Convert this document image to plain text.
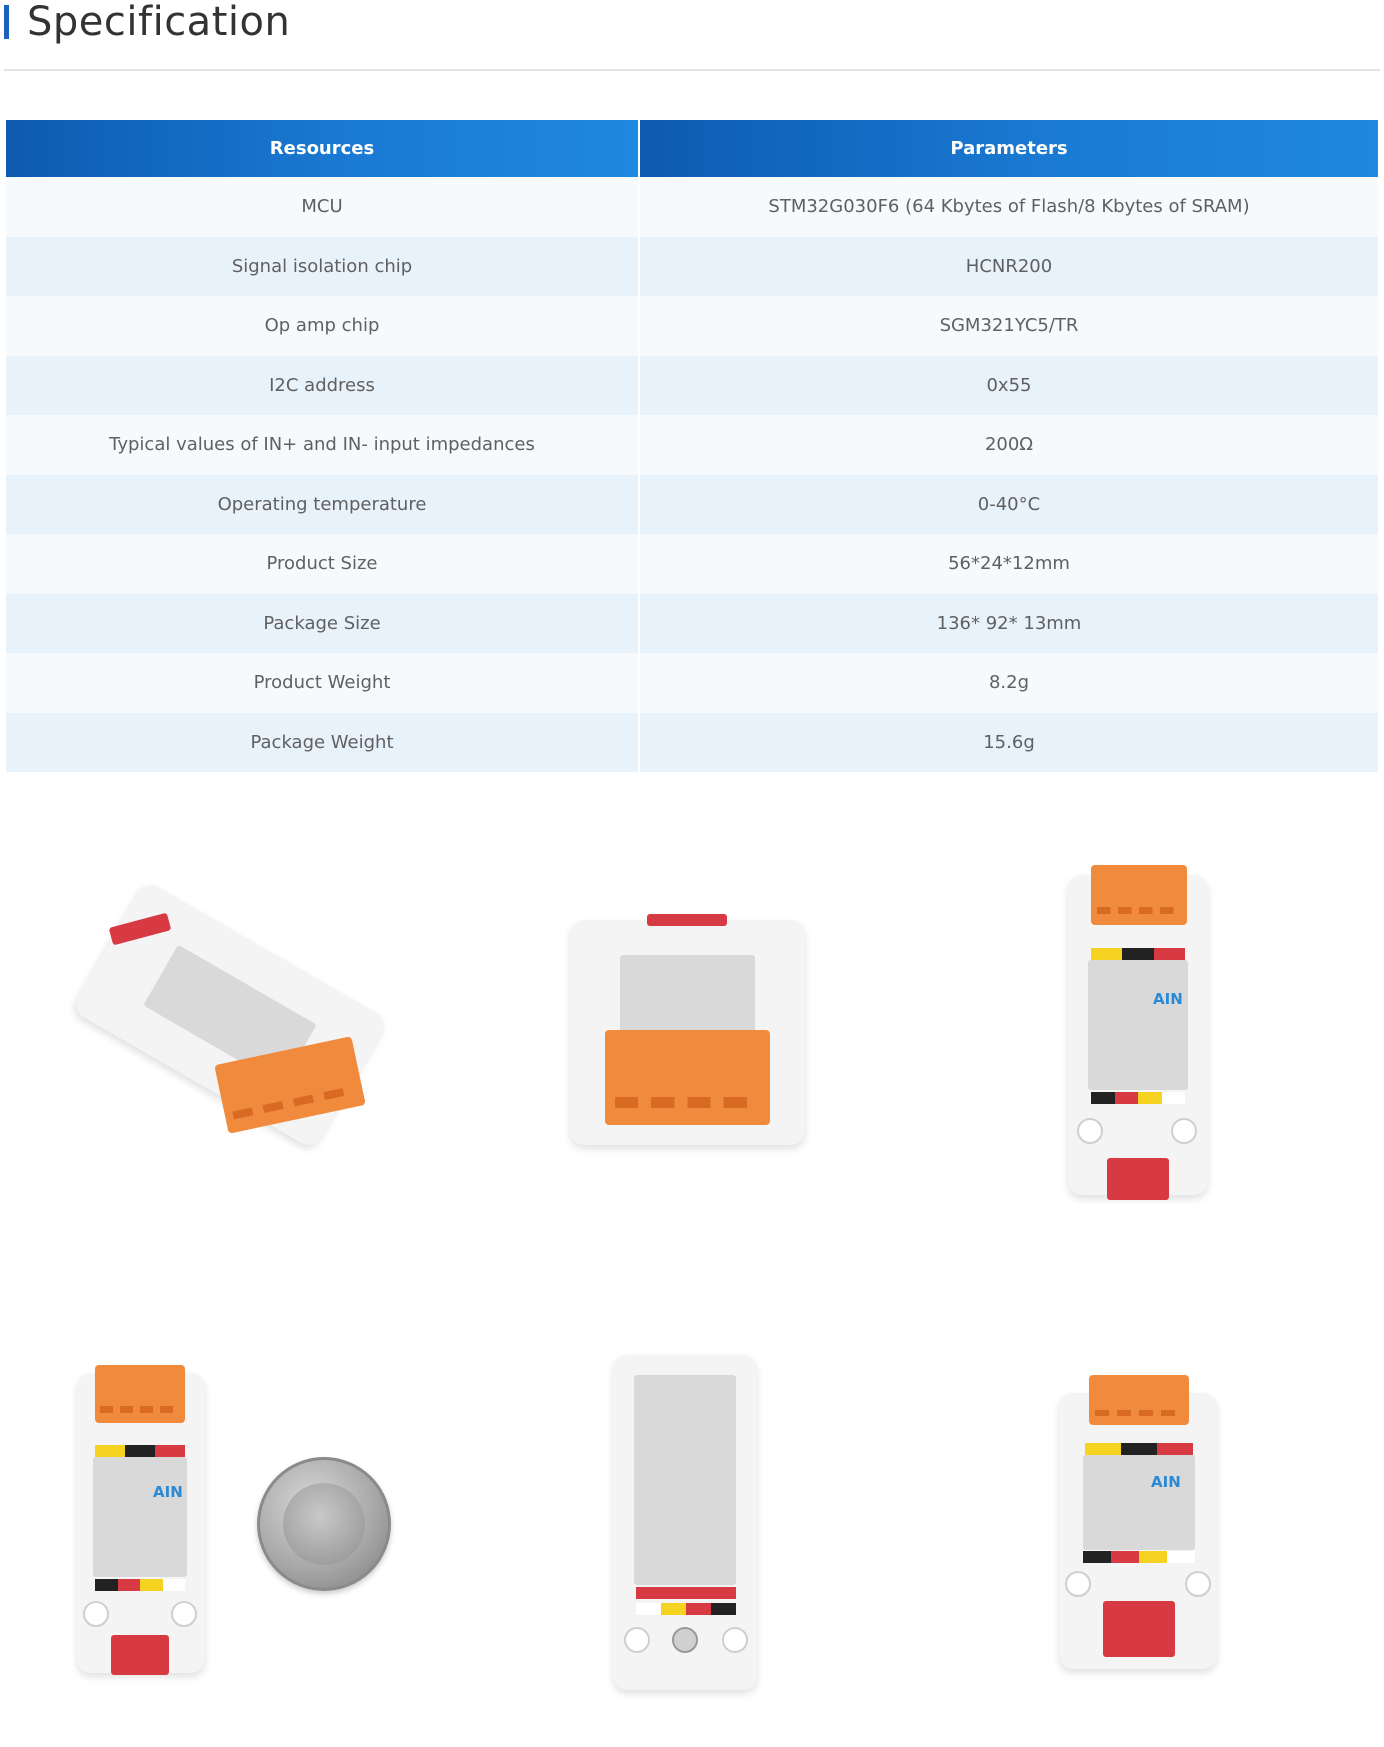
Specification
Resources	Parameters
MCU	STM32G030F6 (64 Kbytes of Flash/8 Kbytes of SRAM)
Signal isolation chip	HCNR200
Op amp chip	SGM321YC5/TR
I2C address	0x55
Typical values of IN+ and IN- input impedances	200Ω
Operating temperature	0-40°C
Product Size	56*24*12mm
Package Size	136* 92* 13mm
Product Weight	8.2g
Package Weight	15.6g
AIN
AIN
AIN
